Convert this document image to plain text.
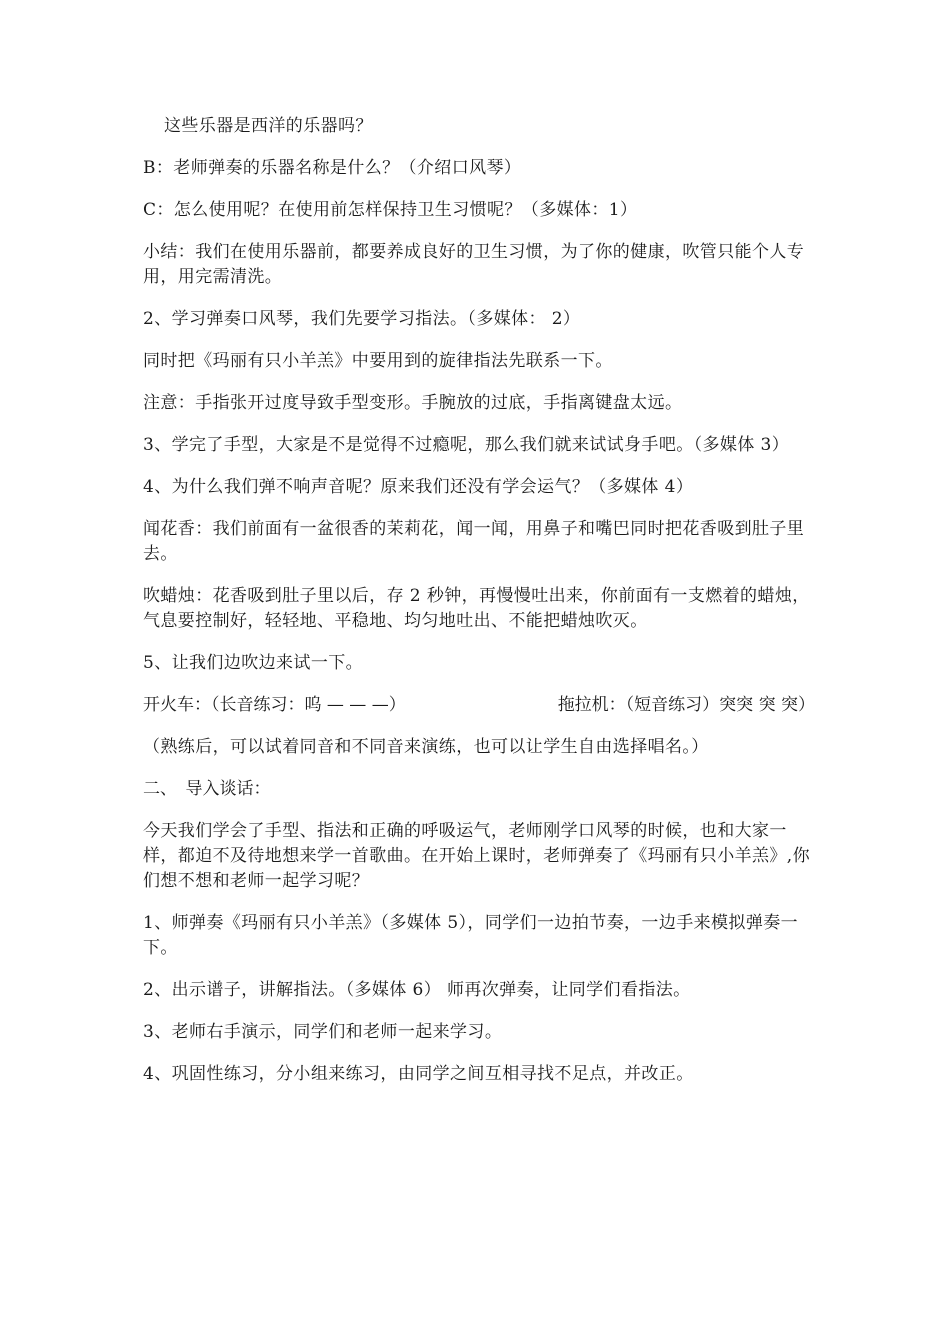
这些乐器是西洋的乐器吗？

B：老师弹奏的乐器名称是什么？（介绍口风琴）

C：怎么使用呢？在使用前怎样保持卫生习惯呢？（多媒体：1）

小结：我们在使用乐器前，都要养成良好的卫生习惯，为了你的健康，吹管只能个人专用，用完需清洗。

2、学习弹奏口风琴，我们先要学习指法。（多媒体： 2）

同时把《玛丽有只小羊羔》中要用到的旋律指法先联系一下。

注意：手指张开过度导致手型变形。手腕放的过底，手指离键盘太远。

3、学完了手型，大家是不是觉得不过瘾呢，那么我们就来试试身手吧。（多媒体 3）

4、为什么我们弹不响声音呢？原来我们还没有学会运气？（多媒体 4）

闻花香：我们前面有一盆很香的茉莉花，闻一闻，用鼻子和嘴巴同时把花香吸到肚子里去。

吹蜡烛：花香吸到肚子里以后，存 2 秒钟，再慢慢吐出来，你前面有一支燃着的蜡烛，气息要控制好，轻轻地、平稳地、均匀地吐出、不能把蜡烛吹灭。

5、让我们边吹边来试一下。

开火车：（长音练习：呜 — — —）	拖拉机：（短音练习）突突 突 突）

（熟练后，可以试着同音和不同音来演练，也可以让学生自由选择唱名。）

二、　导入谈话：

今天我们学会了手型、指法和正确的呼吸运气，老师刚学口风琴的时候，也和大家一样，都迫不及待地想来学一首歌曲。在开始上课时，老师弹奏了《玛丽有只小羊羔》,你们想不想和老师一起学习呢？

1、师弹奏《玛丽有只小羊羔》（多媒体 5），同学们一边拍节奏，一边手来模拟弹奏一下。

2、出示谱子，讲解指法。（多媒体 6） 师再次弹奏，让同学们看指法。

3、老师右手演示，同学们和老师一起来学习。

4、巩固性练习，分小组来练习，由同学之间互相寻找不足点，并改正。
